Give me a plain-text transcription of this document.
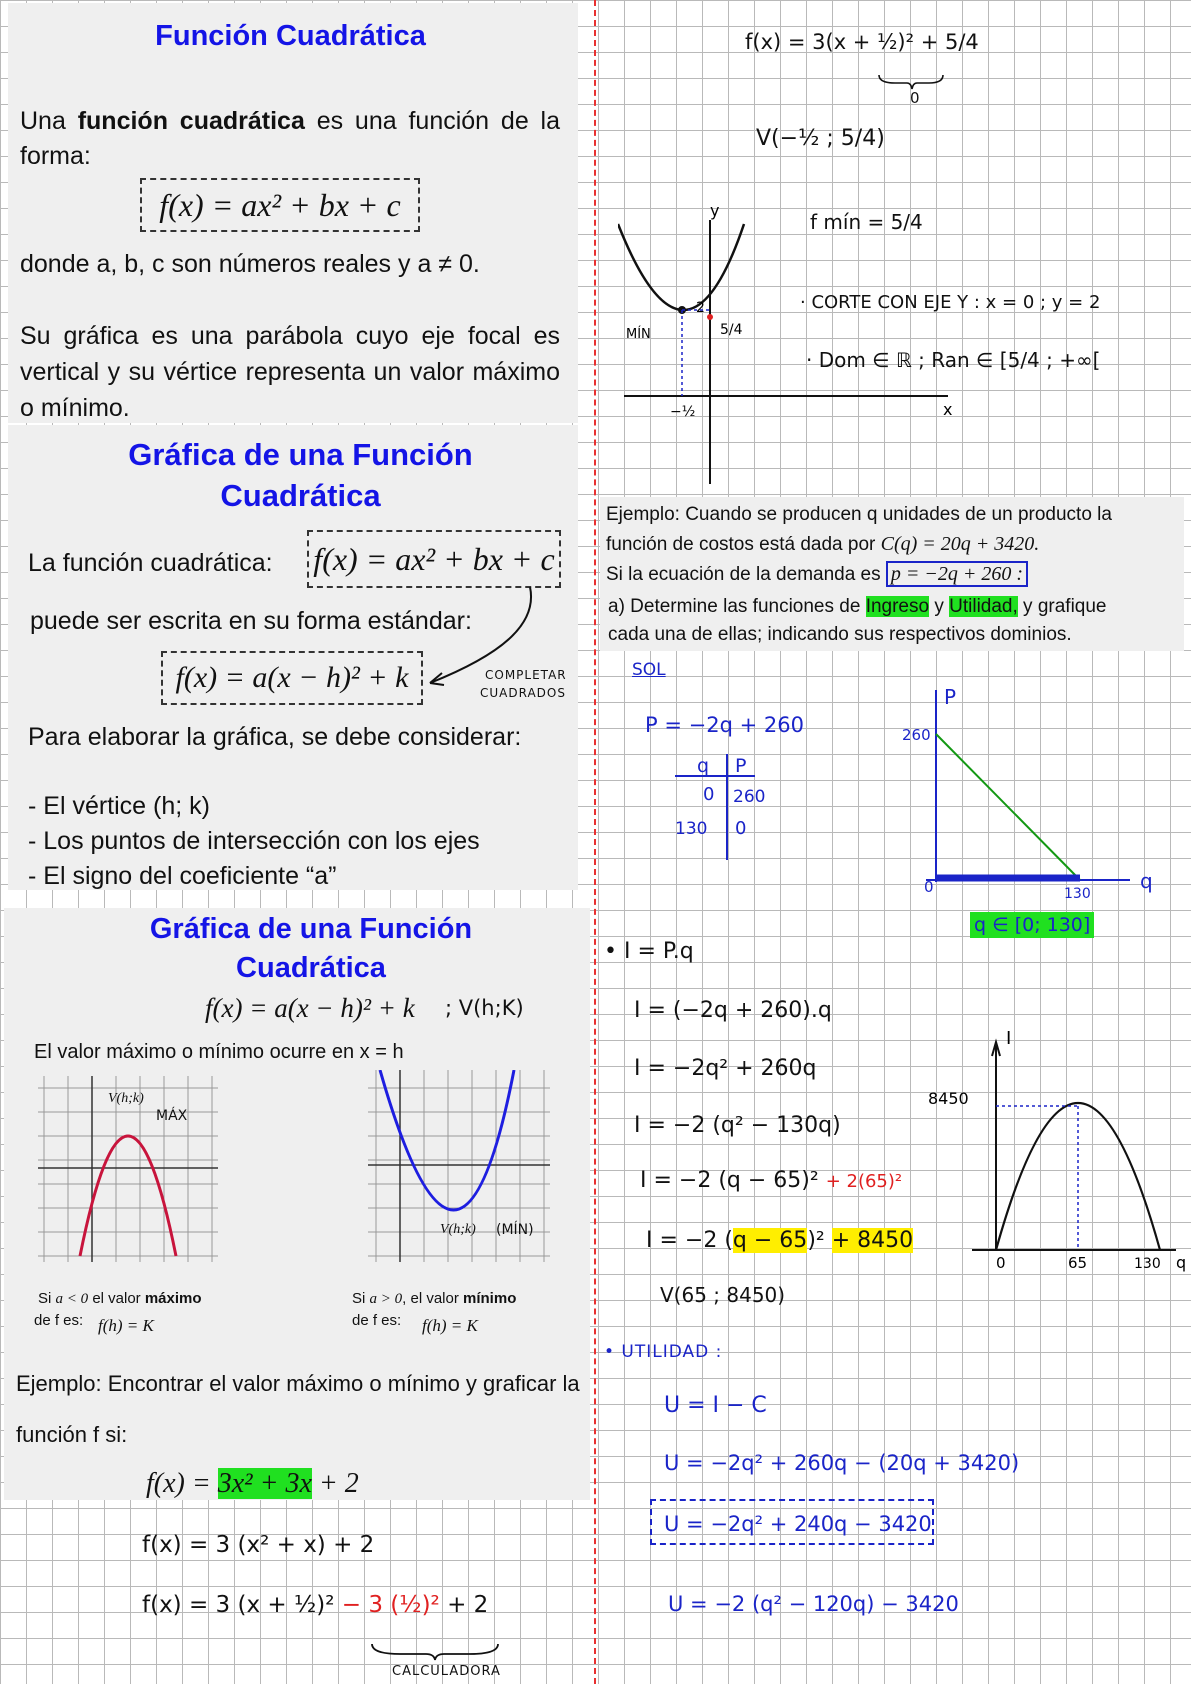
Función Cuadrática
Una función cuadrática es una función de la forma:
f(x) = ax² + bx + c
donde a, b, c son números reales y a ≠ 0.
Su gráfica es una parábola cuyo eje focal es vertical y su vértice representa un valor máximo o mínimo.
Gráfica de una Función
Cuadrática
La función cuadrática: f(x) = ax² + bx + c
puede ser escrita en su forma estándar:
f(x) = a(x − h)² + k	COMPLETAR
CUADRADOS
Para elaborar la gráfica, se debe considerar:
- El vértice (h; k)
- Los puntos de intersección con los ejes
- El signo del coeficiente “a”
Gráfica de una Función
Cuadrática
f(x) = a(x − h)² + k ; V(h;K)
El valor máximo o mínimo ocurre en x = h
V(h;k)
MÁX
V(h;k) (MÍN)
Si a < 0 el valor máximo
de f es: f(h) = K
Si a > 0, el valor mínimo
de f es: f(h) = K
Ejemplo: Encontrar el valor máximo o mínimo y graficar la
función f si:
f(x) = 3x² + 3x + 2
f(x) = 3 (x² + x) + 2
f(x) = 3 (x + ½)² − 3 (½)² + 2
CALCULADORA
f(x) = 3(x + ½)² + 5/4
0
V(−½ ; 5/4)
f mín = 5/4
· CORTE CON EJE Y : x = 0 ; y = 2
· Dom ∈ ℝ ; Ran ∈ [5/4 ; +∞[
y
x
2
MÍN	5/4
−½
Ejemplo: Cuando se producen q unidades de un producto la
función de costos está dada por C(q) = 20q + 3420.
Si la ecuación de la demanda es p = −2q + 260 :
a) Determine las funciones de Ingreso y Utilidad, y grafique
cada una de ellas; indicando sus respectivos dominios.
SOL
P = −2q + 260
q P
0 260
130 0
P
q
260
0	130
q ∈ [0; 130]
• I = P.q
I = (−2q + 260).q
I = −2q² + 260q
I = −2 (q² − 130q)
I = −2 (q − 65)² + 2(65)²
I = −2 (q − 65)² + 8450
V(65 ; 8450)
I
8450
0	65	130 q
• UTILIDAD :
U = I − C
U = −2q² + 260q − (20q + 3420)
U = −2q² + 240q − 3420
U = −2 (q² − 120q) − 3420
